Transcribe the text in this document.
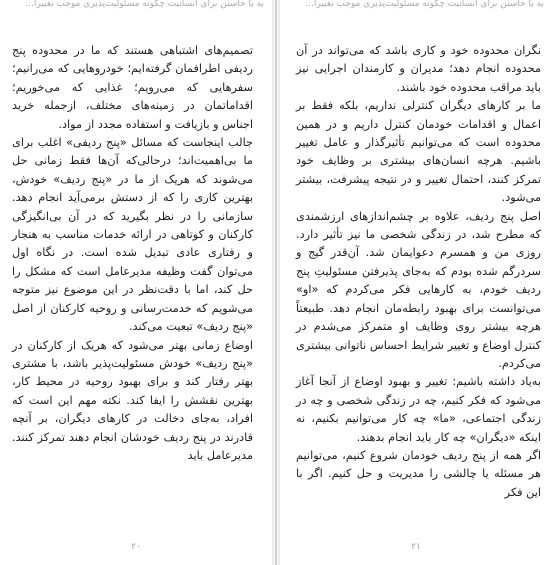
به یا خاستن برای انسانیت چگونه مسئولیت‌پذیری موجب تغییرا...

تصمیم‌های اشتباهی هستند که ما در محدوده پنج ردیفی اطرافمان گرفته‌ایم؛ خودروهایی که می‌رانیم؛ سفرهایی که می‌رویم؛ غذایی که می‌خوریم؛ اقداماتمان در زمینه‌های مختلف، ازجمله خرید اجناس و بازیافت و استفاده مجدد از مواد.

جالب اینجاست که مسائل «پنج ردیفی» اغلب برای ما بی‌اهمیت‌اند؛ درحالی‌که آن‌ها فقط زمانی حل می‌شوند که هریک از ما در «پنج ردیف» خودش، بهترین کاری را که از دستش برمی‌آید انجام دهد. سازمانی را در نظر بگیرید که در آن بی‌انگیزگی کارکنان و کوتاهی در ارائه خدمات مناسب به هنجار و رفتاری عادی تبدیل شده است. در نگاه اول می‌توان گفت وظیفه مدیرعامل است که مشکل را حل کند، اما با دقت‌نظر در این موضوع نیز متوجه می‌شویم که خدمت‌رسانی و روحیه کارکنان از اصل «پنج ردیف» تبعیت می‌کند.

اوضاع زمانی بهتر می‌شود که هریک از کارکنان در «پنج ردیف» خودش مسئولیت‌پذیر باشد، با مشتری بهتر رفتار کند و برای بهبود روحیه در محیط کار، بهترین نقشش را ایفا کند. نکته مهم این است که افراد، به‌جای دخالت در کارهای دیگران، بر آنچه قادرند در پنج ردیف خودشان انجام دهند تمرکز کنند. مدیرعامل باید

۲۰
به یا خاستن برای انسانیت چگونه مسئولیت‌پذیری موجب تغییرا...

نگران محدوده خود و کاری باشد که می‌تواند در آن محدوده انجام دهد؛ مدیران و کارمندان اجرایی نیز باید مراقب محدوده خود باشند.

ما بر کارهای دیگران کنترلی نداریم، بلکه فقط بر اعمال و اقدامات خودمان کنترل داریم و در همین محدوده است که می‌توانیم تأثیرگذار و عامل تغییر باشیم. هرچه انسان‌های بیشتری بر وظایف خود تمرکز کنند، احتمال تغییر و در نتیجه پیشرفت، بیشتر می‌شود.

اصل پنج ردیف، علاوه بر چشم‌اندازهای ارزشمندی که مطرح شد، در زندگی شخصی ما نیز تأثیر دارد. روزی من و همسرم دعوایمان شد. آن‌قدر گیج و سردرگم شده بودم که به‌جای پذیرفتن مسئولیتِ پنج ردیف خودم، به کارهایی فکر می‌کردم که «او» می‌توانست برای بهبود رابطه‌مان انجام دهد. طبیعتاً هرچه بیشتر روی وظایف او متمرکز می‌شدم در کنترل اوضاع و تغییر شرایط احساس ناتوانی بیشتری می‌کردم.

به‌یاد داشته باشیم: تغییر و بهبود اوضاع از آنجا آغاز می‌شود که فکر کنیم، چه در زندگی شخصی و چه در زندگی اجتماعی، «ما» چه کار می‌توانیم بکنیم، نه اینکه «دیگران» چه کار باید انجام بدهند.

اگر همه از پنج ردیف خودمان شروع کنیم، می‌توانیم هر مسئله یا چالشی را مدیریت و حل کنیم. اگر با این فکر

۲۱
